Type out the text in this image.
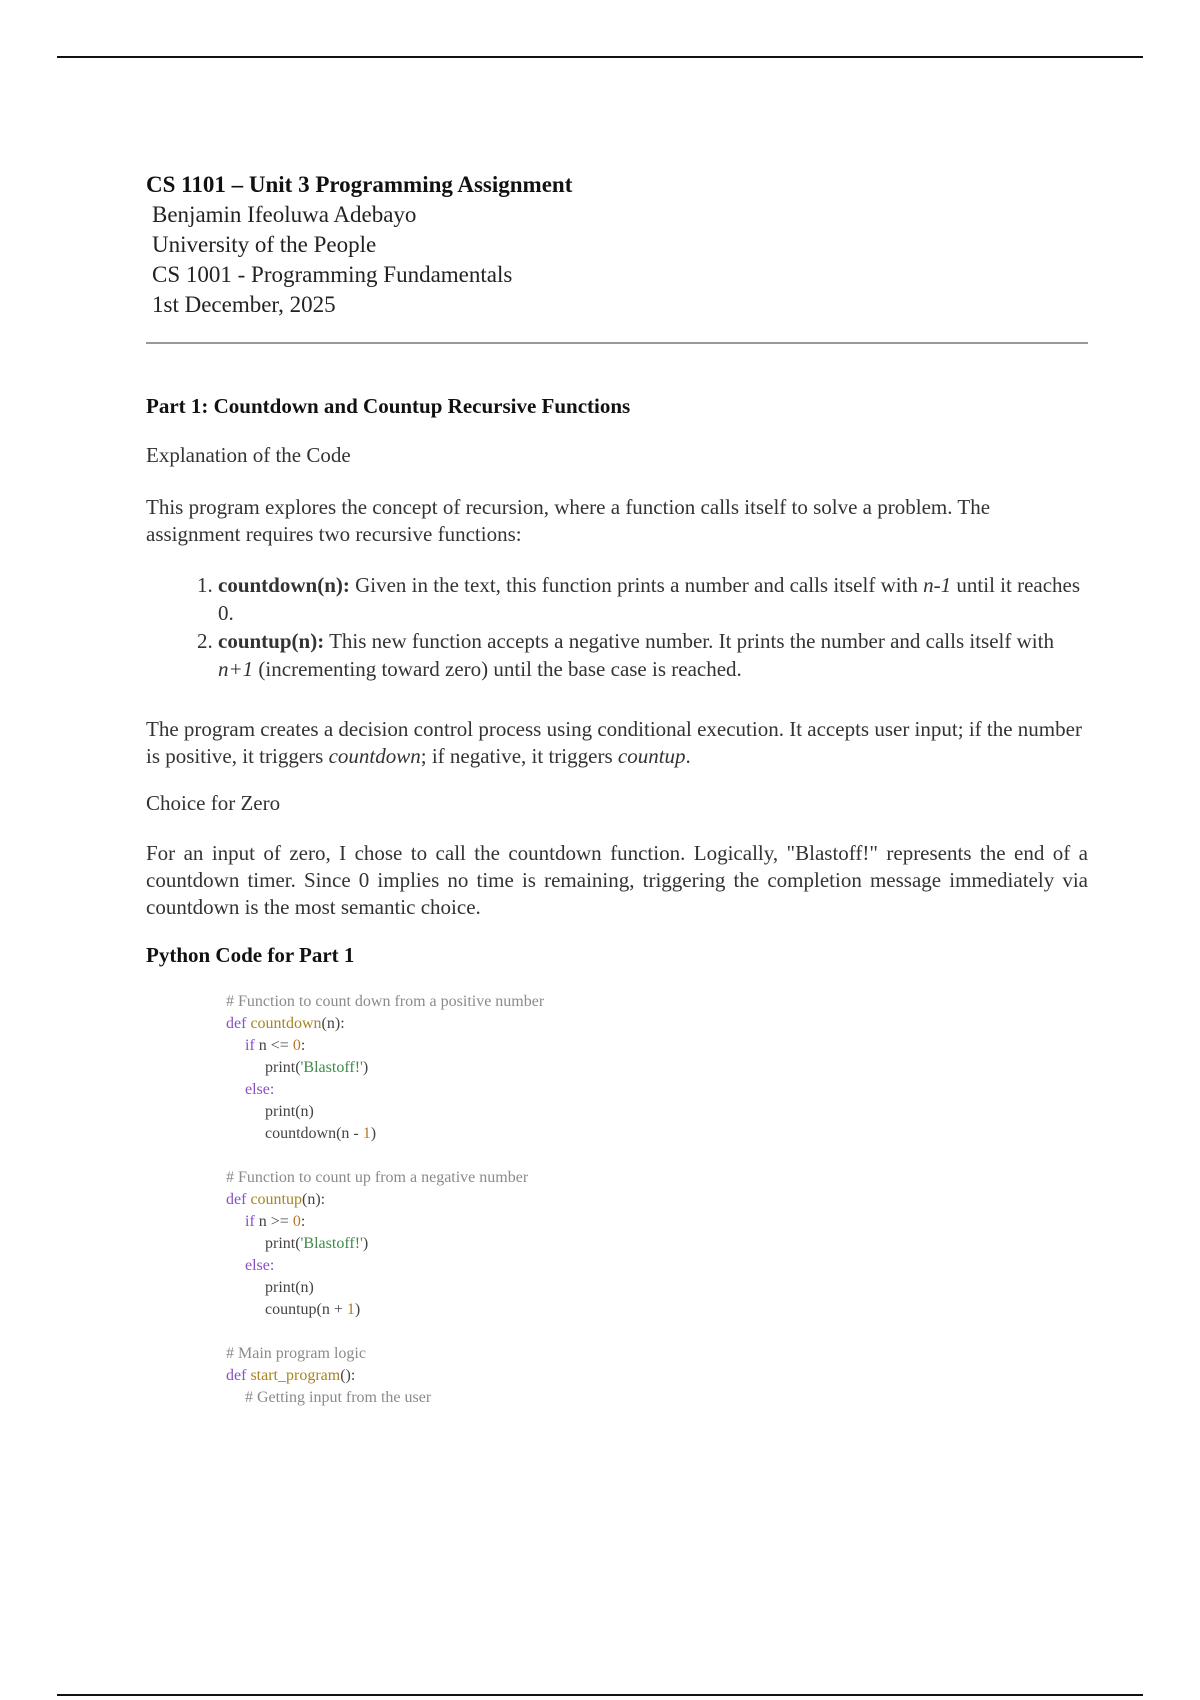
CS 1101 – Unit 3 Programming Assignment
Benjamin Ifeoluwa Adebayo
University of the People
CS 1001 - Programming Fundamentals
1st December, 2025
Part 1: Countdown and Countup Recursive Functions

Explanation of the Code

This program explores the concept of recursion, where a function calls itself to solve a problem. The assignment requires two recursive functions:

1. countdown(n): Given in the text, this function prints a number and calls itself with n-1 until it reaches 0.
2. countup(n): This new function accepts a negative number. It prints the number and calls itself with n+1 (incrementing toward zero) until the base case is reached.

The program creates a decision control process using conditional execution. It accepts user input; if the number is positive, it triggers countdown; if negative, it triggers countup.

Choice for Zero

For an input of zero, I chose to call the countdown function. Logically, "Blastoff!" represents the end of a countdown timer. Since 0 implies no time is remaining, triggering the completion message immediately via countdown is the most semantic choice.

Python Code for Part 1
# Function to count down from a positive number
def countdown(n):
if n <= 0:
print('Blastoff!')
else:
print(n)
countdown(n - 1)
# Function to count up from a negative number
def countup(n):
if n >= 0:
print('Blastoff!')
else:
print(n)
countup(n + 1)
# Main program logic
def start_program():
# Getting input from the user
